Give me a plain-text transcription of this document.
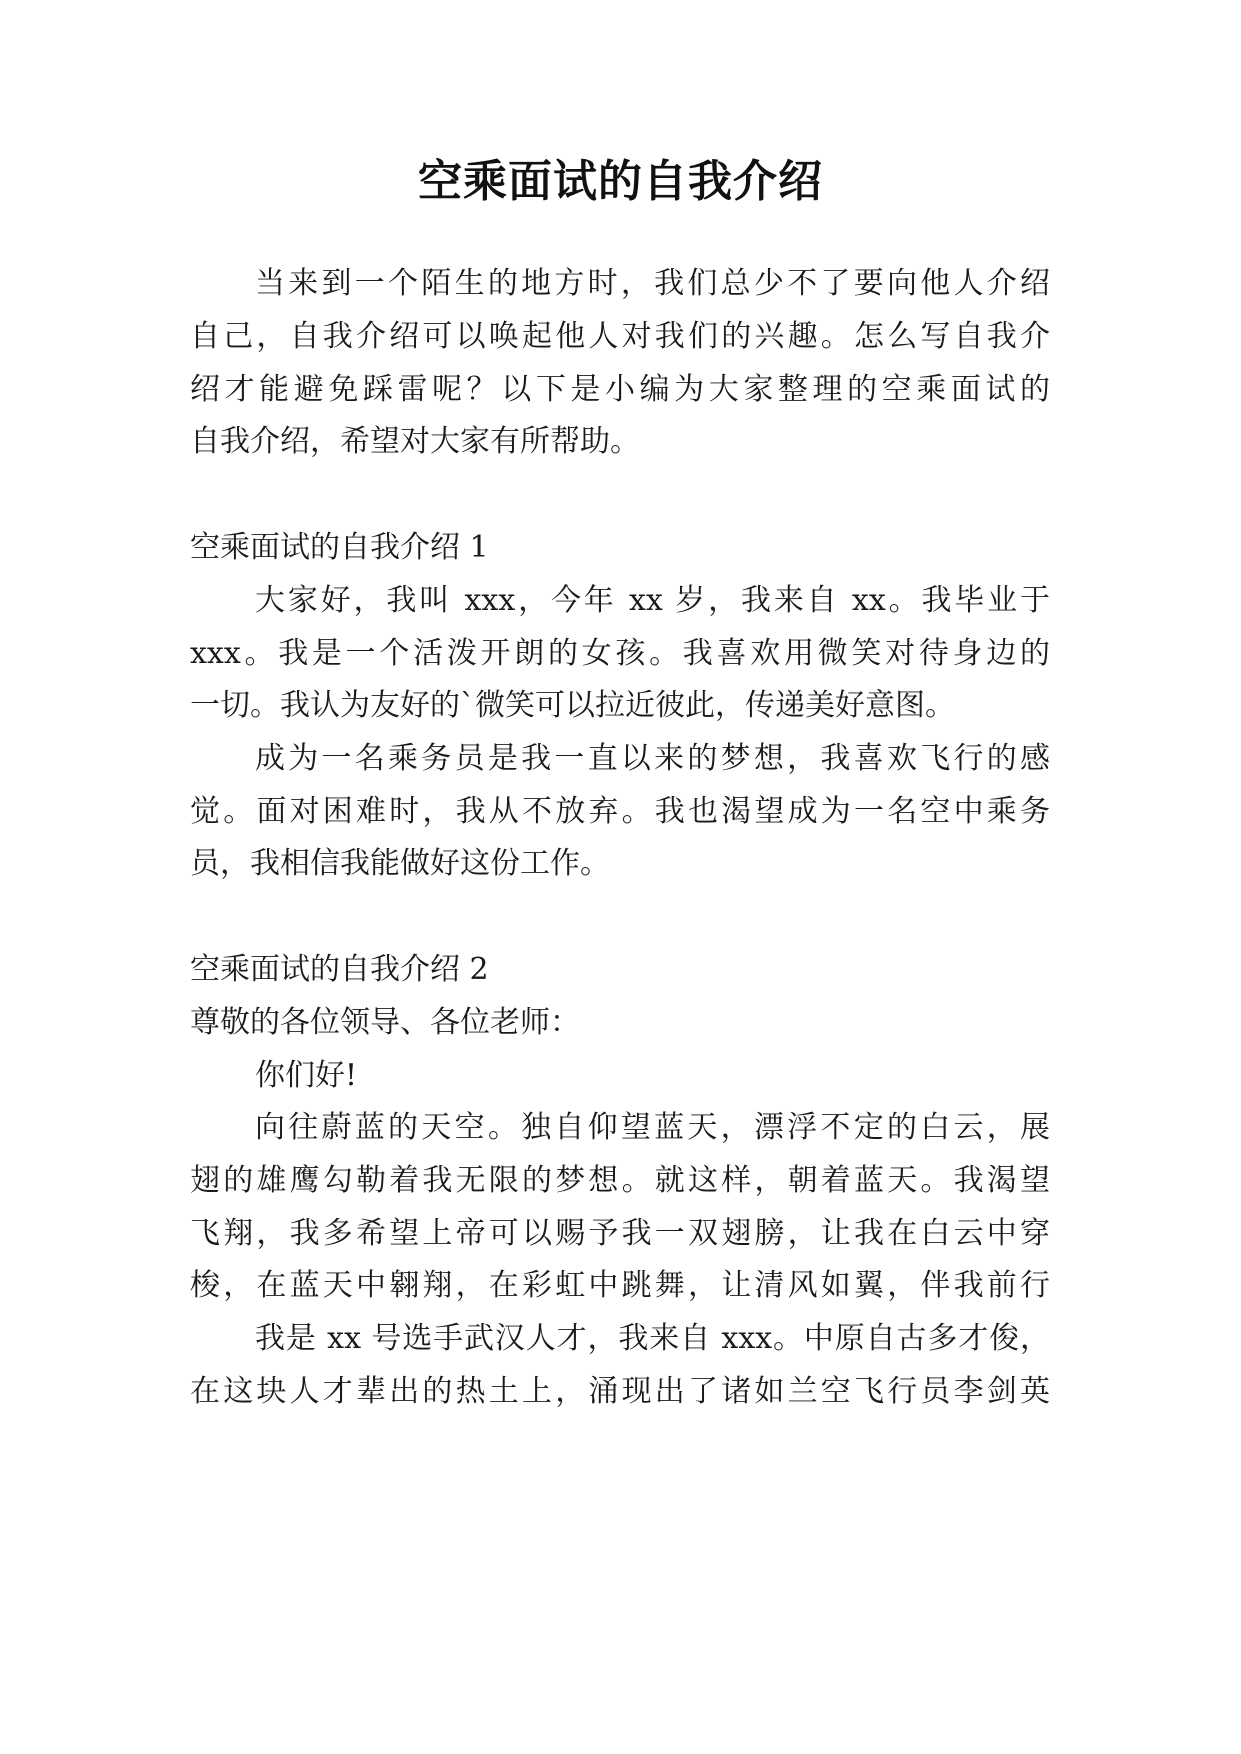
空乘面试的自我介绍
当来到一个陌生的地方时，我们总少不了要向他人介绍
自己，自我介绍可以唤起他人对我们的兴趣。怎么写自我介
绍才能避免踩雷呢？以下是小编为大家整理的空乘面试的
自我介绍，希望对大家有所帮助。
空乘面试的自我介绍 1
大家好，我叫 xxx，今年 xx 岁，我来自 xx。我毕业于
xxx。我是一个活泼开朗的女孩。我喜欢用微笑对待身边的
一切。我认为友好的`微笑可以拉近彼此，传递美好意图。
成为一名乘务员是我一直以来的梦想，我喜欢飞行的感
觉。面对困难时，我从不放弃。我也渴望成为一名空中乘务
员，我相信我能做好这份工作。
空乘面试的自我介绍 2
尊敬的各位领导、各位老师：
你们好!
向往蔚蓝的天空。独自仰望蓝天，漂浮不定的白云，展
翅的雄鹰勾勒着我无限的梦想。就这样，朝着蓝天。我渴望
飞翔，我多希望上帝可以赐予我一双翅膀，让我在白云中穿
梭，在蓝天中翱翔，在彩虹中跳舞，让清风如翼，伴我前行
我是 xx 号选手武汉人才，我来自 xxx。中原自古多才俊，
在这块人才辈出的热土上，涌现出了诸如兰空飞行员李剑英
